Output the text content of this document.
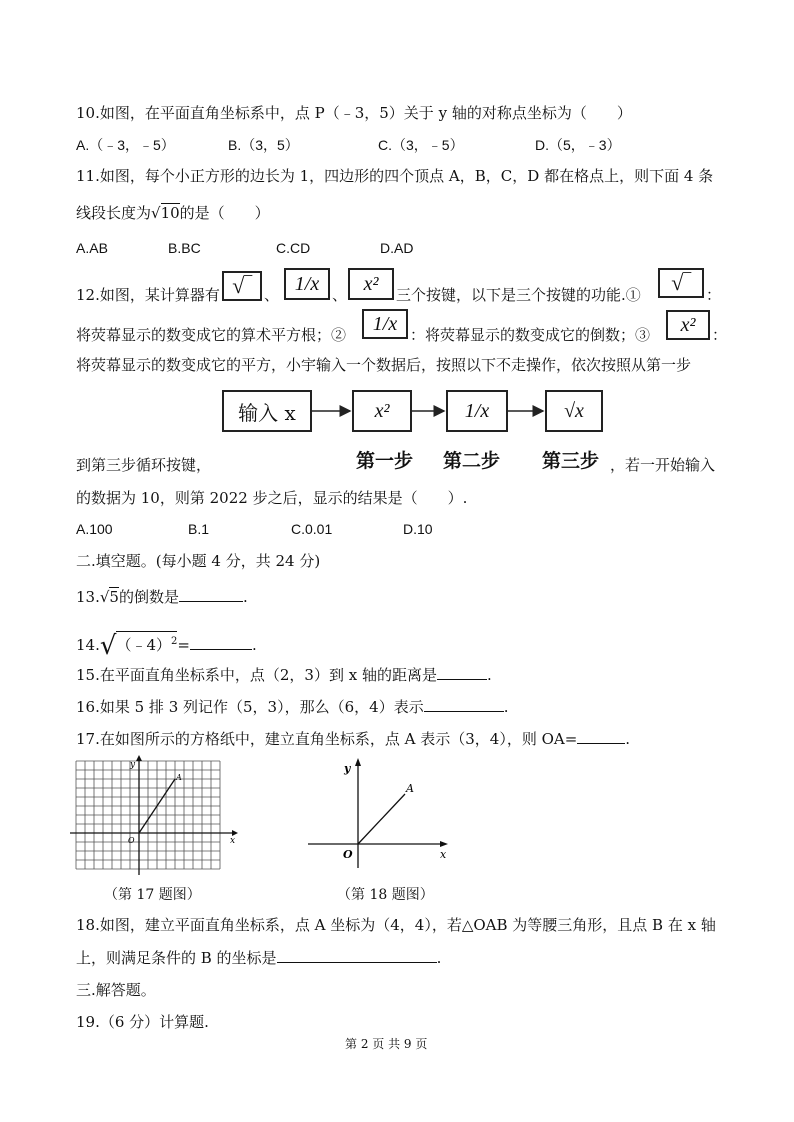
10.如图，在平面直角坐标系中，点 P（﹣3，5）关于 y 轴的对称点坐标为（　　）
A.（﹣3，﹣5）	B.（3，5）	C.（3，﹣5）	D.（5，﹣3）
11.如图，每个小正方形的边长为 1，四边形的四个顶点 A，B，C，D 都在格点上，则下面 4 条
线段长度为√10的是（　　）
A.AB	B.BC	C.CD	D.AD
12.如图，某计算器有 √‾ 、
1/x
、
x²
三个按键，以下是三个按键的功能.① √‾ ：
将荧幕显示的数变成它的算术平方根；②
1/x
：将荧幕显示的数变成它的倒数；③ x² ：
将荧幕显示的数变成它的平方，小宇输入一个数据后，按照以下不走操作，依次按照从第一步
输入 x	x²	1/x	√x
第一步 第二步 第三步
到第三步循环按键，	，若一开始输入
的数据为 10，则第 2022 步之后，显示的结果是（　　）.
A.100	B.1	C.0.01	D.10
二.填空题。(每小题 4 分，共 24 分)
13.√5的倒数是	.
14.√（﹣4）$^2$=	.
15.在平面直角坐标系中，点（2，3）到 x 轴的距离是	.
16.如果 5 排 3 列记作（5，3），那么（6，4）表示	.
17.在如图所示的方格纸中，建立直角坐标系，点 A 表示（3，4），则 OA=	.
y
x
O
A
（第 17 题图）
y
x
O
A
（第 18 题图）
18.如图，建立平面直角坐标系，点 A 坐标为（4，4），若△OAB 为等腰三角形，且点 B 在 x 轴
上，则满足条件的 B 的坐标是	.
三.解答题。
19.（6 分）计算题.
第 2 页 共 9 页
